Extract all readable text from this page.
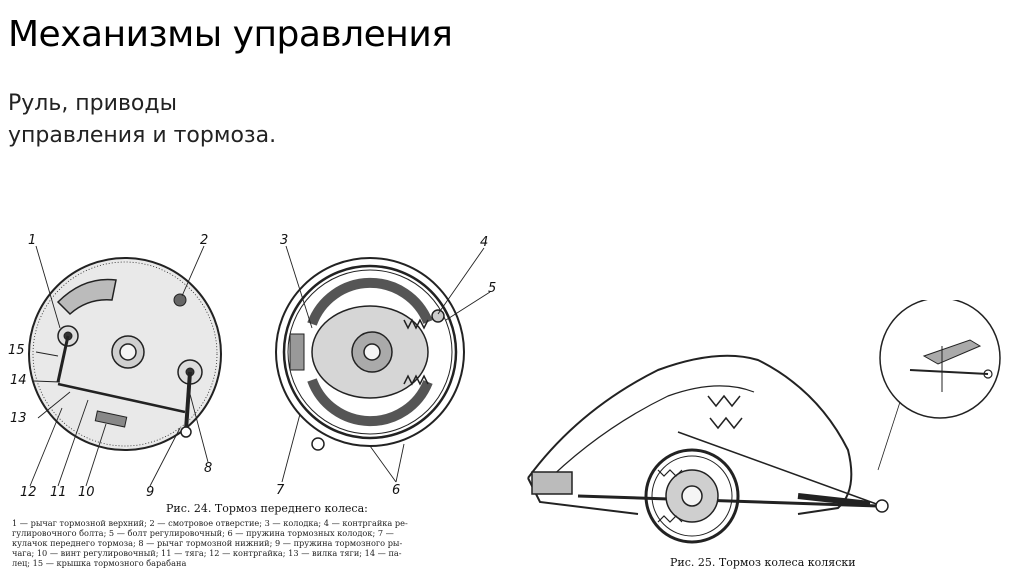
Механизмы управления
Руль, приводы
управления и тормоза.
1	2	3	4
5
15
14
13
12 11 10	9
8
7	6
Рис. 24. Тормоз переднего колеса:
1 — рычаг тормозной верхний; 2 — смотровое отверстие; 3 — колодка; 4 — контргайка ре-
гулировочного болта; 5 — болт регулировочный; 6 — пружина тормозных колодок; 7 —
кулачок переднего тормоза; 8 — рычаг тормозной нижний; 9 — пружина тормозного ры-
чага; 10 — винт регулировочный; 11 — тяга; 12 — контргайка; 13 — вилка тяги; 14 — па-
лец; 15 — крышка тормозного барабана	Рис. 25. Тормоз колеса коляски
